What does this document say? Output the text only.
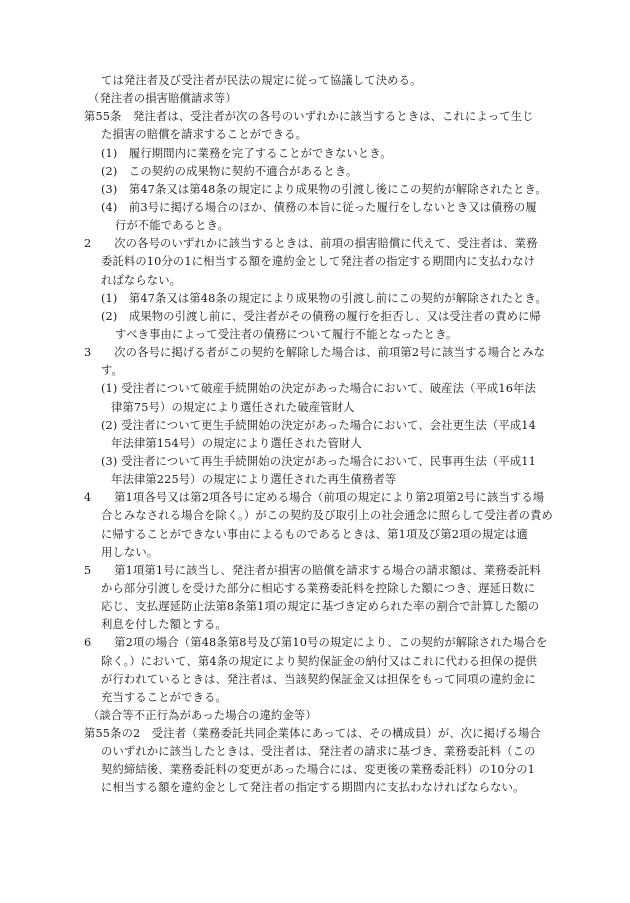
ては発注者及び受注者が民法の規定に従って協議して決める。
（発注者の損害賠償請求等）
第55条　発注者は、受注者が次の各号のいずれかに該当するときは、これによって生じ
た損害の賠償を請求することができる。
(1)　履行期間内に業務を完了することができないとき。
(2)　この契約の成果物に契約不適合があるとき。
(3)　第47条又は第48条の規定により成果物の引渡し後にこの契約が解除されたとき。
(4)　前3号に掲げる場合のほか、債務の本旨に従った履行をしないとき又は債務の履
行が不能であるとき。
2　　次の各号のいずれかに該当するときは、前項の損害賠償に代えて、受注者は、業務
委託料の10分の1に相当する額を違約金として発注者の指定する期間内に支払わなけ
ればならない。
(1)　第47条又は第48条の規定により成果物の引渡し前にこの契約が解除されたとき。
(2)　成果物の引渡し前に、受注者がその債務の履行を拒否し、又は受注者の責めに帰
すべき事由によって受注者の債務について履行不能となったとき。
3　　次の各号に掲げる者がこの契約を解除した場合は、前項第2号に該当する場合とみな
す。
(1) 受注者について破産手続開始の決定があった場合において、破産法（平成16年法
律第75号）の規定により選任された破産管財人
(2) 受注者について更生手続開始の決定があった場合において、会社更生法（平成14
年法律第154号）の規定により選任された管財人
(3) 受注者について再生手続開始の決定があった場合において、民事再生法（平成11
年法律第225号）の規定により選任された再生債務者等
4　　第1項各号又は第2項各号に定める場合（前項の規定により第2項第2号に該当する場
合とみなされる場合を除く。）がこの契約及び取引上の社会通念に照らして受注者の責め
に帰することができない事由によるものであるときは、第1項及び第2項の規定は適
用しない。
5　　第1項第1号に該当し、発注者が損害の賠償を請求する場合の請求額は、業務委託料
から部分引渡しを受けた部分に相応する業務委託料を控除した額につき、遅延日数に
応じ、支払遅延防止法第8条第1項の規定に基づき定められた率の割合で計算した額の
利息を付した額とする。
6　　第2項の場合（第48条第8号及び第10号の規定により、この契約が解除された場合を
除く。）において、第4条の規定により契約保証金の納付又はこれに代わる担保の提供
が行われているときは、発注者は、当該契約保証金又は担保をもって同項の違約金に
充当することができる。
（談合等不正行為があった場合の違約金等）
第55条の2　受注者（業務委託共同企業体にあっては、その構成員）が、次に掲げる場合
のいずれかに該当したときは、受注者は、発注者の請求に基づき、業務委託料（この
契約締結後、業務委託料の変更があった場合には、変更後の業務委託料）の10分の1
に相当する額を違約金として発注者の指定する期間内に支払わなければならない。
